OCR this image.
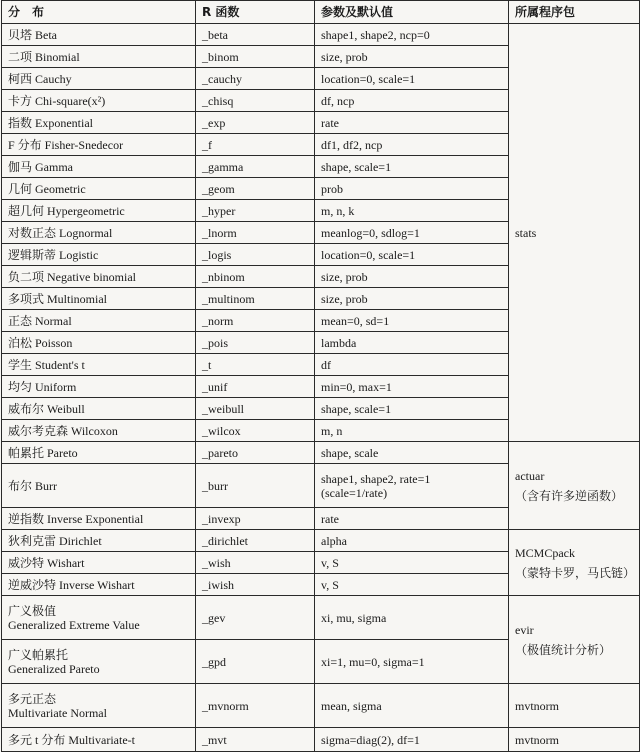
分　布	R 函数	参数及默认值	所属程序包

贝塔 Beta	_beta	shape1, shape2, ncp=0	stats

二项 Binomial	_binom	size, prob	

柯西 Cauchy	_cauchy	location=0, scale=1	

卡方 Chi-square(x²)	_chisq	df, ncp	

指数 Exponential	_exp	rate	

F 分布 Fisher-Snedecor	_f	df1, df2, ncp	

伽马 Gamma	_gamma	shape, scale=1	

几何 Geometric	_geom	prob	

超几何 Hypergeometric	_hyper	m, n, k	

对数正态 Lognormal	_lnorm	meanlog=0, sdlog=1	

逻辑斯蒂 Logistic	_logis	location=0, scale=1	

负二项 Negative binomial	_nbinom	size, prob	

多项式 Multinomial	_multinom	size, prob	

正态 Normal	_norm	mean=0, sd=1	

泊松 Poisson	_pois	lambda	

学生 Student's t	_t	df	

均匀 Uniform	_unif	min=0, max=1	

威布尔 Weibull	_weibull	shape, scale=1	

威尔考克森 Wilcoxon	_wilcox	m, n	

帕累托 Pareto	_pareto	shape, scale	actuar
（含有许多逆函数）

布尔 Burr	_burr	shape1, shape2, rate=1
(scale=1/rate)	

逆指数 Inverse Exponential	_invexp	rate	

狄利克雷 Dirichlet	_dirichlet	alpha	MCMCpack
（蒙特卡罗，马氏链）

威沙特 Wishart	_wish	v, S	

逆威沙特 Inverse Wishart	_iwish	v, S	

广义极值
Generalized Extreme Value	_gev	xi, mu, sigma	evir
（极值统计分析）

广义帕累托
Generalized Pareto	_gpd	xi=1, mu=0, sigma=1	

多元正态
Multivariate Normal	_mvnorm	mean, sigma	mvtnorm

多元 t 分布 Multivariate-t	_mvt	sigma=diag(2), df=1	mvtnorm
